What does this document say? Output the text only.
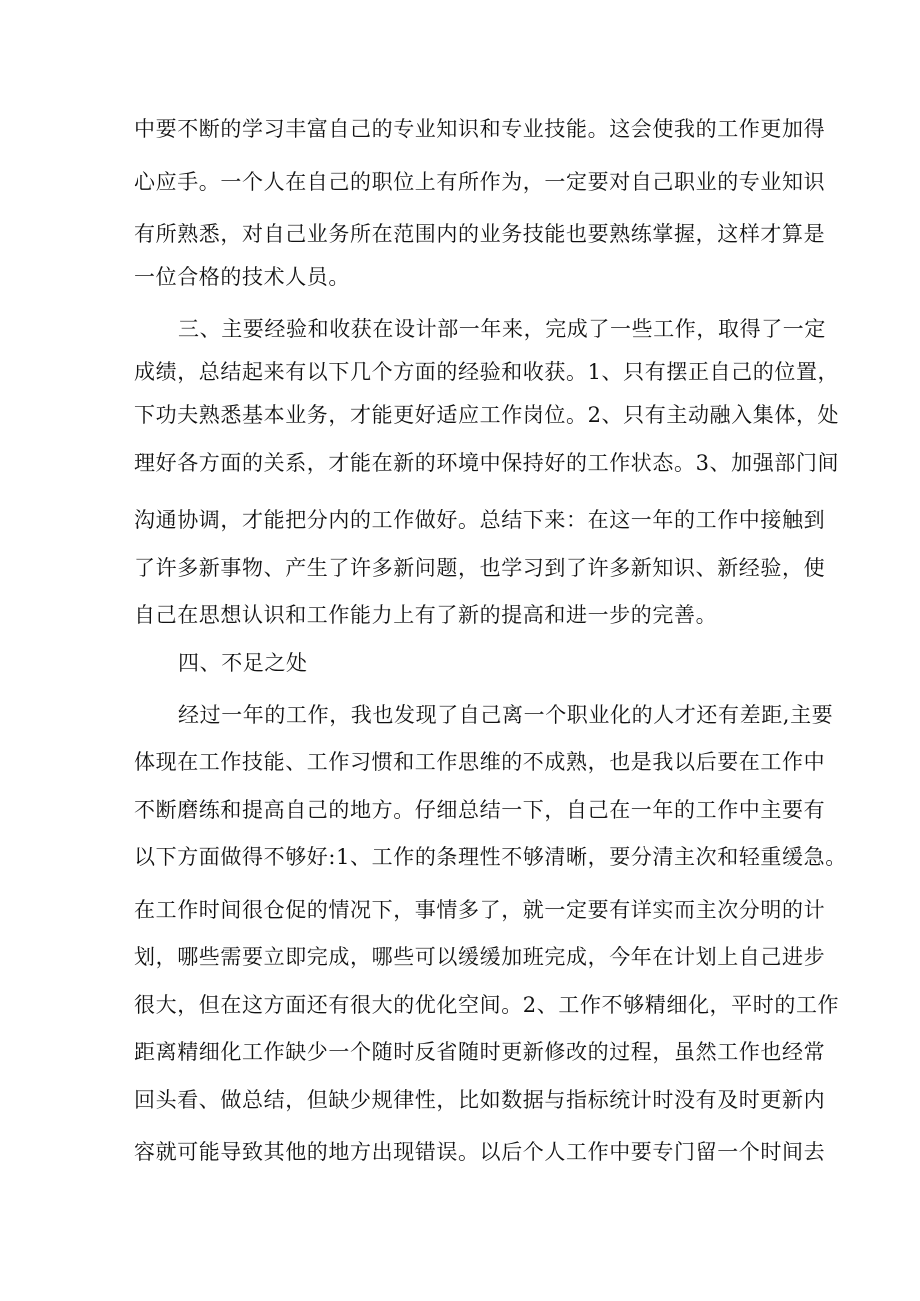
中要不断的学习丰富自己的专业知识和专业技能。这会使我的工作更加得
心应手。一个人在自己的职位上有所作为，一定要对自己职业的专业知识
有所熟悉，对自己业务所在范围内的业务技能也要熟练掌握，这样才算是
一位合格的技术人员。
三、主要经验和收获在设计部一年来，完成了一些工作，取得了一定
成绩，总结起来有以下几个方面的经验和收获。1、只有摆正自己的位置，
下功夫熟悉基本业务，才能更好适应工作岗位。2、只有主动融入集体，处
理好各方面的关系，才能在新的环境中保持好的工作状态。3、加强部门间
沟通协调，才能把分内的工作做好。总结下来：在这一年的工作中接触到
了许多新事物、产生了许多新问题，也学习到了许多新知识、新经验，使
自己在思想认识和工作能力上有了新的提高和进一步的完善。
四、不足之处
经过一年的工作，我也发现了自己离一个职业化的人才还有差距,主要
体现在工作技能、工作习惯和工作思维的不成熟，也是我以后要在工作中
不断磨练和提高自己的地方。仔细总结一下，自己在一年的工作中主要有
以下方面做得不够好:1、工作的条理性不够清晰，要分清主次和轻重缓急。
在工作时间很仓促的情况下，事情多了，就一定要有详实而主次分明的计
划，哪些需要立即完成，哪些可以缓缓加班完成，今年在计划上自己进步
很大，但在这方面还有很大的优化空间。2、工作不够精细化，平时的工作
距离精细化工作缺少一个随时反省随时更新修改的过程，虽然工作也经常
回头看、做总结，但缺少规律性，比如数据与指标统计时没有及时更新内
容就可能导致其他的地方出现错误。以后个人工作中要专门留一个时间去
